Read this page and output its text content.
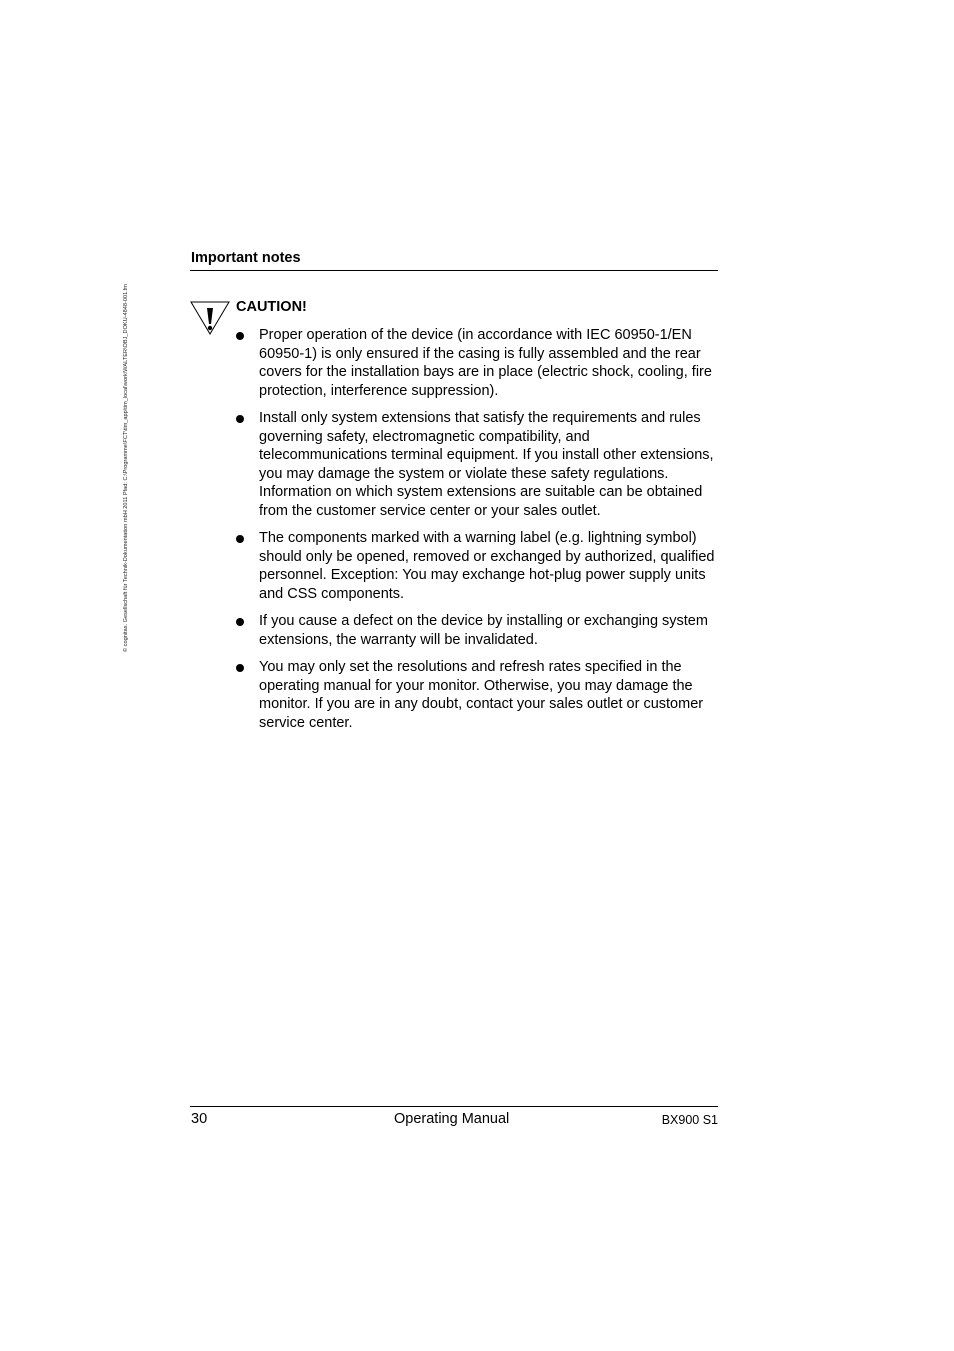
© cognitas. Gesellschaft für Technik-Dokumentation mbH 2011 Pfad: C:\Programme\FCT\tim_app\tim_local\work\WALTER\OBJ_DOKU-4848-001.fm
Important notes
CAUTION!
Proper operation of the device (in accordance with IEC 60950-1/EN 60950-1) is only ensured if the casing is fully assembled and the rear covers for the installation bays are in place (electric shock, cooling, fire protection, interference suppression).
Install only system extensions that satisfy the requirements and rules governing safety, electromagnetic compatibility, and telecommunications terminal equipment. If you install other extensions, you may damage the system or violate these safety regulations. Information on which system extensions are suitable can be obtained from the customer service center or your sales outlet.
The components marked with a warning label (e.g. lightning symbol) should only be opened, removed or exchanged by authorized, qualified personnel. Exception: You may exchange hot-plug power supply units and CSS components.
If you cause a defect on the device by installing or exchanging system extensions, the warranty will be invalidated.
You may only set the resolutions and refresh rates specified in the operating manual for your monitor. Otherwise, you may damage the monitor. If you are in any doubt, contact your sales outlet or customer service center.
30	Operating Manual	BX900 S1
